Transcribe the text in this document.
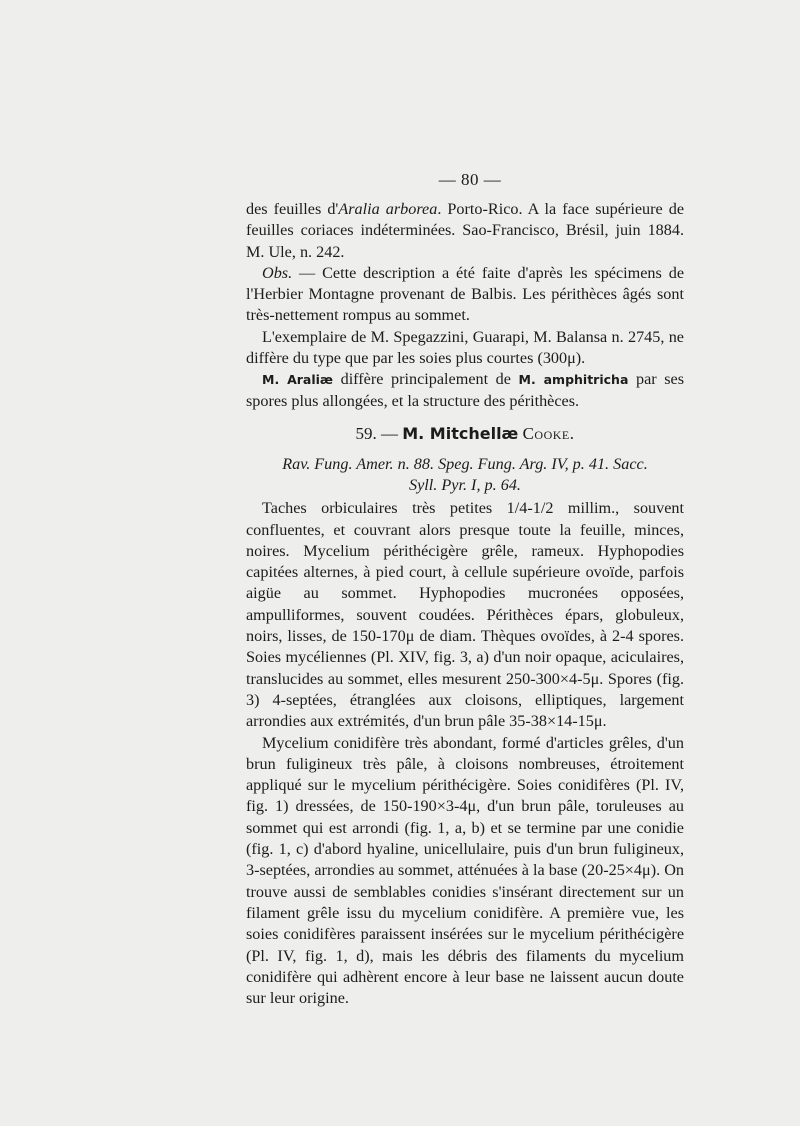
— 80 —

des feuilles d'Aralia arborea. Porto-Rico. A la face supérieure de feuilles coriaces indéterminées. Sao-Francisco, Brésil, juin 1884. M. Ule, n. 242.

Obs. — Cette description a été faite d'après les spécimens de l'Herbier Montagne provenant de Balbis. Les périthèces âgés sont très-nettement rompus au sommet.

L'exemplaire de M. Spegazzini, Guarapi, M. Balansa n. 2745, ne diffère du type que par les soies plus courtes (300μ).

M. Araliæ diffère principalement de M. amphitricha par ses spores plus allongées, et la structure des périthèces.

59. — M. Mitchellæ Cooke.
Rav. Fung. Amer. n. 88. Speg. Fung. Arg. IV, p. 41. Sacc.
Syll. Pyr. I, p. 64.

Taches orbiculaires très petites 1/4-1/2 millim., souvent confluentes, et couvrant alors presque toute la feuille, minces, noires. Mycelium périthécigère grêle, rameux. Hyphopodies capitées alternes, à pied court, à cellule supérieure ovoïde, parfois aigüe au sommet. Hyphopodies mucronées opposées, ampulliformes, souvent coudées. Périthèces épars, globuleux, noirs, lisses, de 150-170μ de diam. Thèques ovoïdes, à 2-4 spores. Soies mycéliennes (Pl. XIV, fig. 3, a) d'un noir opaque, aciculaires, translucides au sommet, elles mesurent 250-300×4-5μ. Spores (fig. 3) 4-septées, étranglées aux cloisons, elliptiques, largement arrondies aux extrémités, d'un brun pâle 35-38×14-15μ.

Mycelium conidifère très abondant, formé d'articles grêles, d'un brun fuligineux très pâle, à cloisons nombreuses, étroitement appliqué sur le mycelium périthécigère. Soies conidifères (Pl. IV, fig. 1) dressées, de 150-190×3-4μ, d'un brun pâle, toruleuses au sommet qui est arrondi (fig. 1, a, b) et se termine par une conidie (fig. 1, c) d'abord hyaline, unicellulaire, puis d'un brun fuligineux, 3-septées, arrondies au sommet, atténuées à la base (20-25×4μ). On trouve aussi de semblables conidies s'insérant directement sur un filament grêle issu du mycelium conidifère. A première vue, les soies conidifères paraissent insérées sur le mycelium périthécigère (Pl. IV, fig. 1, d), mais les débris des filaments du mycelium conidifère qui adhèrent encore à leur base ne laissent aucun doute sur leur origine.
